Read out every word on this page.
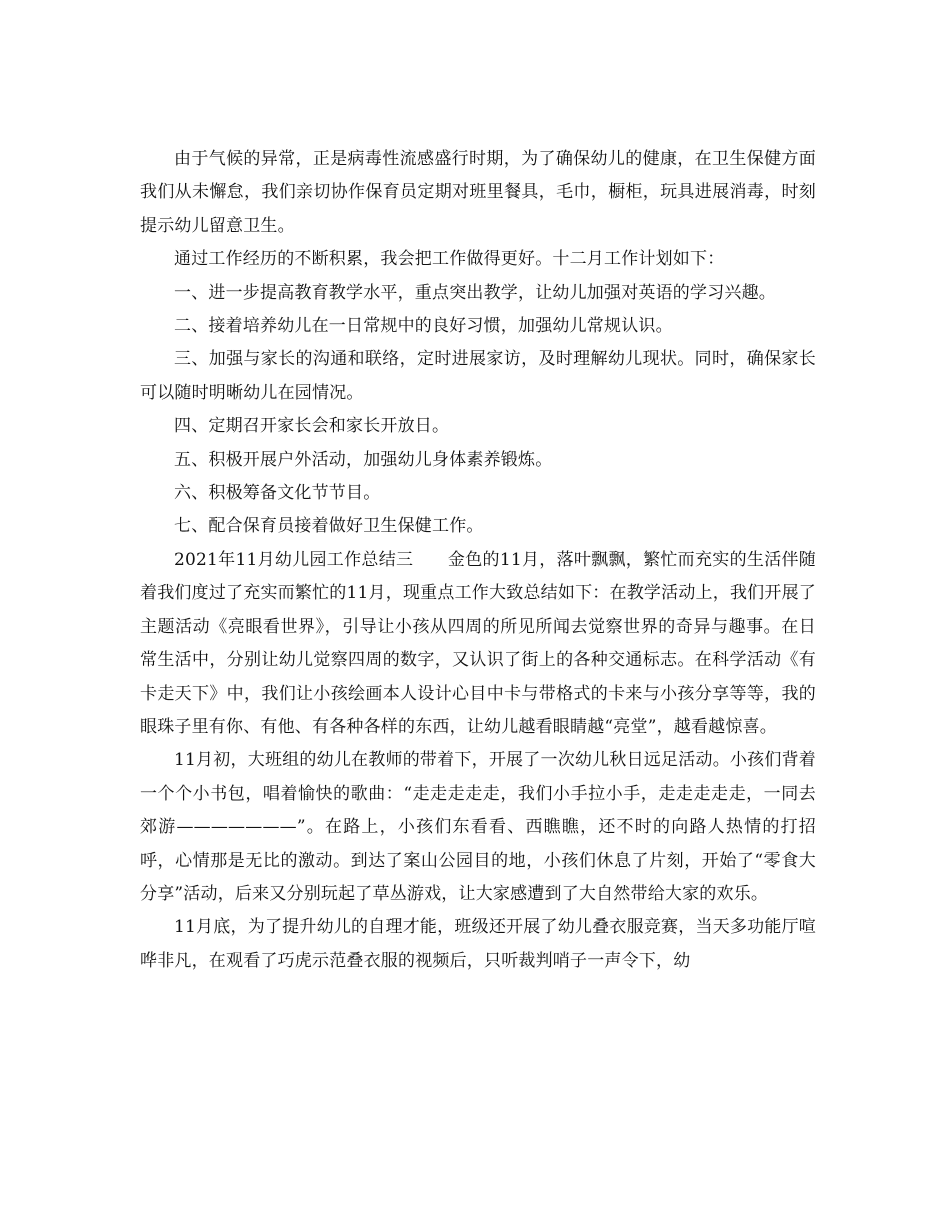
由于气候的异常，正是病毒性流感盛行时期，为了确保幼儿的健康，在卫生保健方面我们从未懈怠，我们亲切协作保育员定期对班里餐具，毛巾，橱柜，玩具进展消毒，时刻提示幼儿留意卫生。

通过工作经历的不断积累，我会把工作做得更好。十二月工作计划如下：

一、进一步提高教育教学水平，重点突出教学，让幼儿加强对英语的学习兴趣。

二、接着培养幼儿在一日常规中的良好习惯，加强幼儿常规认识。

三、加强与家长的沟通和联络，定时进展家访，及时理解幼儿现状。同时，确保家长可以随时明晰幼儿在园情况。

四、定期召开家长会和家长开放日。

五、积极开展户外活动，加强幼儿身体素养锻炼。

六、积极筹备文化节节目。

七、配合保育员接着做好卫生保健工作。

2021年11月幼儿园工作总结三　　金色的11月，落叶飘飘，繁忙而充实的生活伴随着我们度过了充实而繁忙的11月，现重点工作大致总结如下：在教学活动上，我们开展了主题活动《亮眼看世界》，引导让小孩从四周的所见所闻去觉察世界的奇异与趣事。在日常生活中，分别让幼儿觉察四周的数字，又认识了街上的各种交通标志。在科学活动《有卡走天下》中，我们让小孩绘画本人设计心目中卡与带格式的卡来与小孩分享等等，我的眼珠子里有你、有他、有各种各样的东西，让幼儿越看眼睛越“亮堂”，越看越惊喜。

11月初，大班组的幼儿在教师的带着下，开展了一次幼儿秋日远足活动。小孩们背着一个个小书包，唱着愉快的歌曲：“走走走走走，我们小手拉小手，走走走走走，一同去郊游———————”。在路上，小孩们东看看、西瞧瞧，还不时的向路人热情的打招呼，心情那是无比的激动。到达了案山公园目的地，小孩们休息了片刻，开始了“零食大分享”活动，后来又分别玩起了草丛游戏，让大家感遭到了大自然带给大家的欢乐。

11月底，为了提升幼儿的自理才能，班级还开展了幼儿叠衣服竞赛，当天多功能厅喧哗非凡，在观看了巧虎示范叠衣服的视频后，只听裁判哨子一声令下，幼
